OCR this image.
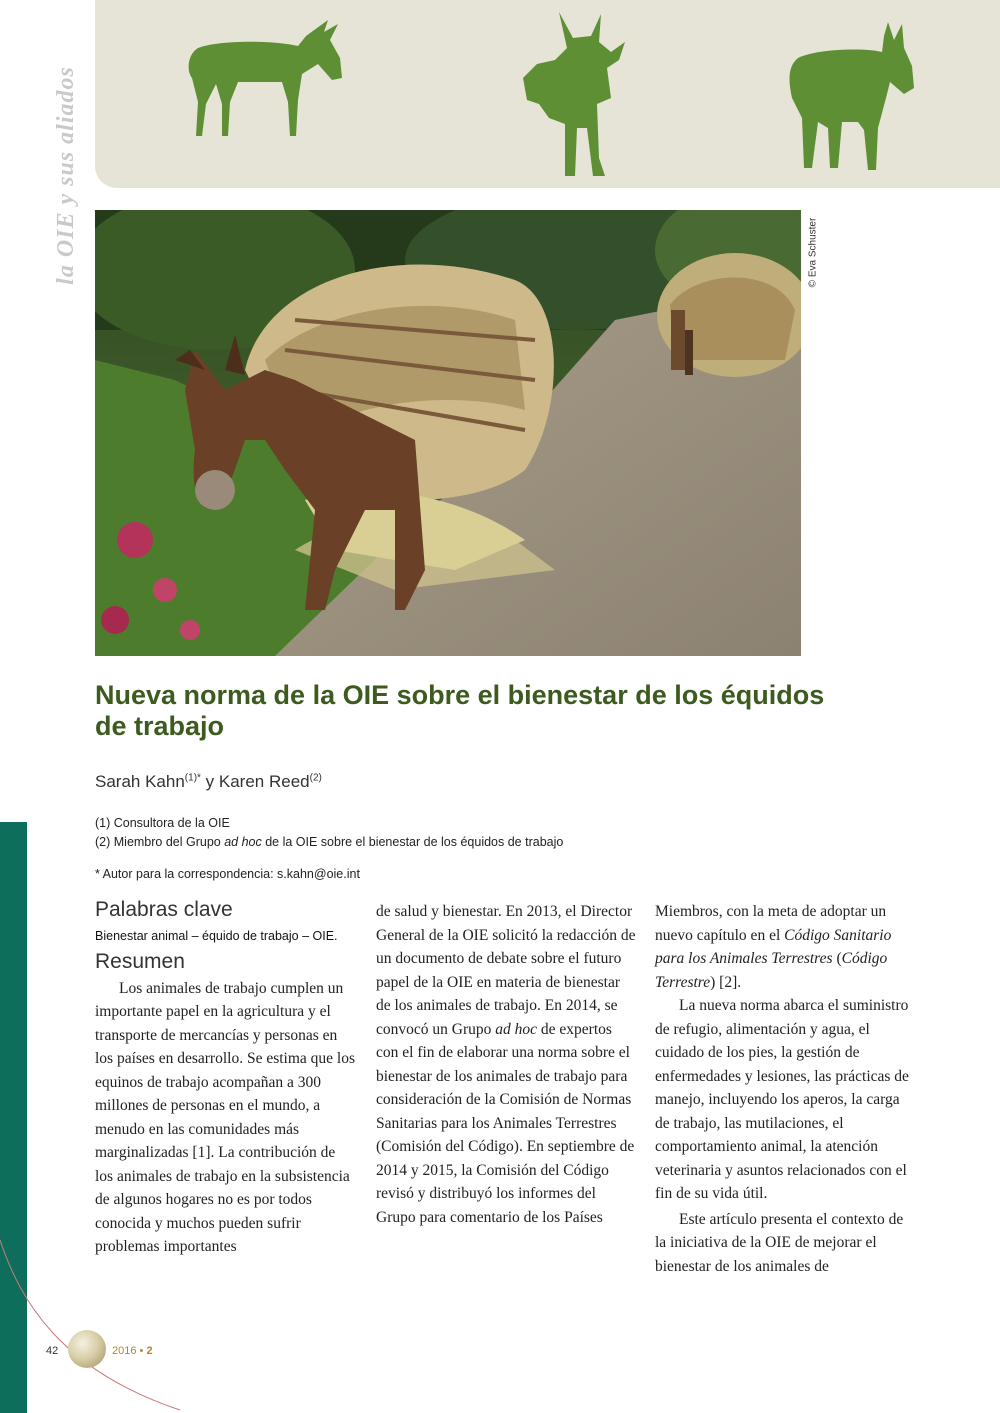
la OIE y sus aliados	© Eva Schuster
Nueva norma de la OIE sobre el bienestar de los équidos de trabajo
Sarah Kahn$^{(1)*}$ y Karen Reed$^{(2)}$
(1) Consultora de la OIE
(2) Miembro del Grupo ad hoc de la OIE sobre el bienestar de los équidos de trabajo
* Autor para la correspondencia: s.kahn@oie.int
Palabras clave

Bienestar animal – équido de trabajo – OIE.

Resumen

Los animales de trabajo cumplen un importante papel en la agricultura y el transporte de mercancías y personas en los países en desarrollo. Se estima que los equinos de trabajo acompañan a 300 millones de personas en el mundo, a menudo en las comunidades más marginalizadas [1]. La contribución de los animales de trabajo en la subsistencia de algunos hogares no es por todos conocida y muchos pueden sufrir problemas importantes

de salud y bienestar. En 2013, el Director General de la OIE solicitó la redacción de un documento de debate sobre el futuro papel de la OIE en materia de bienestar de los animales de trabajo. En 2014, se convocó un Grupo ad hoc de expertos con el fin de elaborar una norma sobre el bienestar de los animales de trabajo para consideración de la Comisión de Normas Sanitarias para los Animales Terrestres (Comisión del Código). En septiembre de 2014 y 2015, la Comisión del Código revisó y distribuyó los informes del Grupo para comentario de los Países

Miembros, con la meta de adoptar un nuevo capítulo en el Código Sanitario para los Animales Terrestres (Código Terrestre) [2].

La nueva norma abarca el suministro de refugio, alimentación y agua, el cuidado de los pies, la gestión de enfermedades y lesiones, las prácticas de manejo, incluyendo los aperos, la carga de trabajo, las mutilaciones, el comportamiento animal, la atención veterinaria y asuntos relacionados con el fin de su vida útil.

Este artículo presenta el contexto de la iniciativa de la OIE de mejorar el bienestar de los animales de

42	2016 • 2
